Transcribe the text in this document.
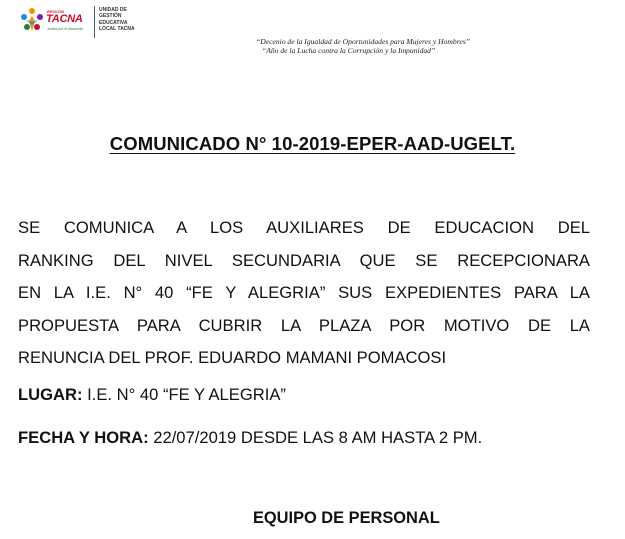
REGIÓN
TACNA
Juntos por el desarrollo
UNIDAD DE
GESTIÓN
EDUCATIVA
LOCAL TACNA
“Decenio de la Igualdad de Oportunidades para Mujeres y Hombres”
“Año de la Lucha contra la Corrupción y la Impunidad”
COMUNICADO N° 10-2019-EPER-AAD-UGELT.
SE COMUNICA A LOS AUXILIARES DE EDUCACION DEL
RANKING DEL NIVEL SECUNDARIA QUE SE RECEPCIONARA
EN LA I.E. N° 40 “FE Y ALEGRIA” SUS EXPEDIENTES PARA LA
PROPUESTA PARA CUBRIR LA PLAZA POR MOTIVO DE LA
RENUNCIA DEL PROF. EDUARDO MAMANI POMACOSI
LUGAR: I.E. N° 40 “FE Y ALEGRIA”
FECHA Y HORA: 22/07/2019 DESDE LAS 8 AM HASTA 2 PM.
EQUIPO DE PERSONAL
